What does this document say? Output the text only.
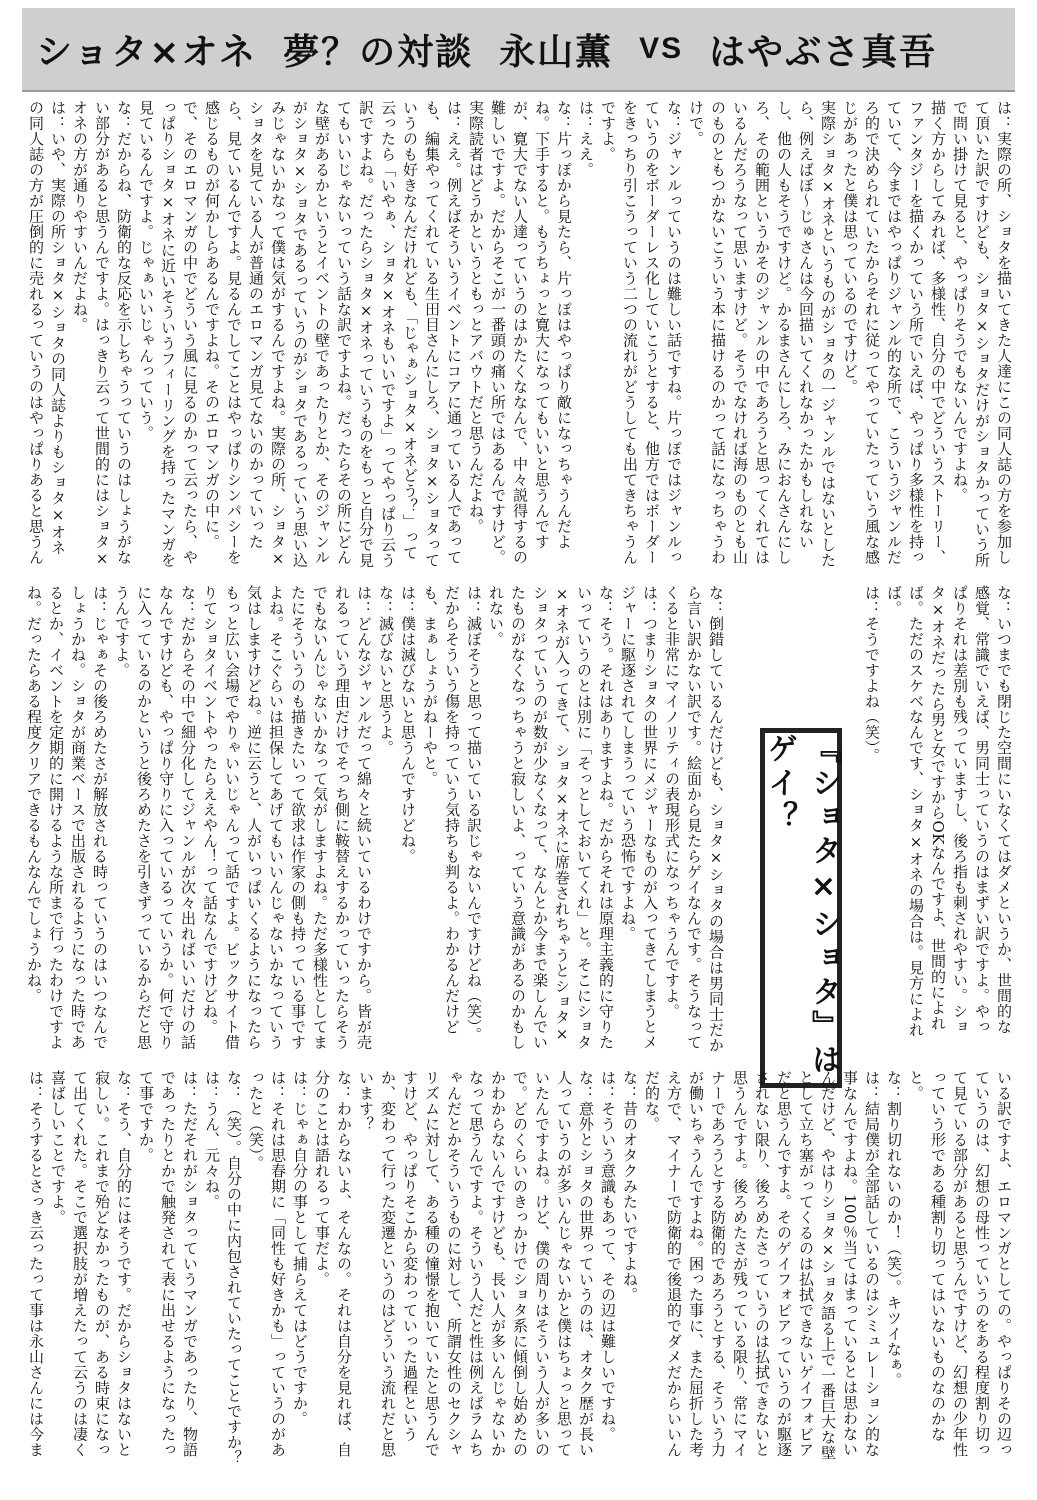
ショタ×オネ 夢？の対談 永山薫 VS はやぶさ真吾

は：実際の所、ショタを描いてきた人達にこの同人誌の方を参加して頂いた訳ですけども、ショタ×ショタだけがショタかっていう所で問い掛けて見ると、やっぱりそうでもないんですよね。

描く方からしてみれば、多様性、自分の中でどういうストーリー、ファンタジーを描くかっていう所でいえば、やっぱり多様性を持っていて、今まではやっぱりジャンル的な所で、こういうジャンルだろ的で決められていたからそれに従ってやっていたっていう風な感じがあったと僕は思っているのですけど。

実際ショタ×オネというものがショタの一ジャンルではないとしたら、例えばぼ〜じゅさんは今回描いてくれなかったかもしれないし、他の人もそうですけど。かるまさんにしろ、みにおんさんにしろ、その範囲というかそのジャンルの中であろうと思ってくれてはいるんだろうなって思いますけど。そうでなければ海のものとも山のものともつかないこういう本に描けるのかって話になっちゃうわけで。

な：ジャンルっていうのは難しい話ですね。片っぽではジャンルっていうのをボーダーレス化していこうとすると、他方ではボーダーをきっちり引こうっていう二つの流れがどうしても出てきちゃうんですよ。

は：ええ。

な：片っぽから見たら、片っぽはやっぱり敵になっちゃうんだよね。下手すると。もうちょっと寛大になってもいいと思うんですが、寛大でない人達っていうのはかたくななんで、中々説得するの難しいですよ。だからそこが一番頭の痛い所ではあるんですけど。実際読者はどうかというともっとアバウトだと思うんだよね。

は：ええ。例えばそういうイベントにコアに通っている人であっても、編集やってくれている生田目さんにしろ、ショタ×ショタっていうのも好きなんだけれども、「じゃぁショタ×オネどう？」って云ったら「いやぁ、ショタ×オネもいいですよ」ってやっぱり云う訳ですよね。だったらショタ×オネっていうものをもっと自分で見てもいいじゃないっていう話な訳ですよね。だったらその所にどんな壁があるかというとイベントの壁であったりとか、そのジャンルがショタ×ショタであるっていうのがショタであるっていう思い込みじゃないかなって僕は気がするんですよね。実際の所、ショタ×ショタを見ている人が普通のエロマンガ見てないのかっていったら、見ているんですよ。見るんでしてことはやっぱりシンパシーを感じるものが何かしらあるんですよね。そのエロマンガの中に。で、そのエロマンガの中でどういう風に見るのかって云ったら、やっぱりショタ×オネに近いそういうフィーリングを持ったマンガを見ているんですよ。じゃぁいいじゃんっていう。

な：だからね、防衛的な反応を示しちゃうっていうのはしょうがない部分があると思うんですよ。はっきり云って世間的にはショタ×オネの方が通りやすいんだよね。

は：いや、実際の所ショタ×ショタの同人誌よりもショタ×オネの同人誌の方が圧倒的に売れるっていうのはやっぱりあると思うん

な：いつまでも閉じた空間にいなくてはダメというか、世間的な感覚、常識でいえば、男同士っていうのはまずい訳ですよ。やっぱりそれは差別も残っていますし、後ろ指も刺されやすい。ショタ×オネだったら男と女ですからOKなんですよ、世間的によれば。ただのスケベなんです、ショタ×オネの場合は。見方によれば。

は：そうですよね（笑）。

『ショタ×ショタ』はゲイ？

な：倒錯しているんだけども、ショタ×ショタの場合は男同士だから言い訳かない訳です。絵面から見たらゲイなんです。そうなってくると非常にマイノリティの表現形式になっちゃうんですよ。

は：つまりショタの世界にメジャーなものが入ってきてしまうとメジャーに駆逐されてしまうっていう恐怖ですよね。

な：そう。それはありますよね。だからそれは原理主義的に守りたいっていうのとは別に「そっとしておいてくれ」と。そこにショタ×オネが入ってきて、ショタ×オネに席巻されちゃうとショタ×ショタっていうのが数が少なくなって、なんとか今まで楽しんでいたものがなくなっちゃうと寂しいよ、っていう意識があるのかもしれない。

は：滅ぼそうと思って描いている訳じゃないんですけどね（笑）。だからそういう傷を持っていう気持ちも判るよ。わかるんだけども、まぁしょうがねーやと。

は：僕は滅びないと思うんですけどね。

な：滅びないと思うよ。

は：どんなジャンルだって綿々と続いているわけですから。皆が売れるっていう理由だけでそっち側に鞍替えするかっていったらそうでもないんじゃないかなって気がしますよね。ただ多様性としてまたにそういうのも描きたいって欲求は作家の側も持っている事ですよね。そこぐらいは担保してあげてもいいんじゃないかなっていう気はしますけどね。逆に云うと、人がいっぱいくるようになったらもっと広い会場でやりゃいいじゃんって話ですよ。ビックサイト借りてショタイベントやったらええやん！って話なんですけどね。

な：だからその中で細分化してジャンルが次々出ればいいだけの話なんですけども、やっぱり守りに入っているっていうか。何で守りに入っているのかというと後ろめたさを引きずっているからだと思うんですよ。

は：じゃぁその後ろめたさが解放される時っていうのはいつなんでしょうかね。ショタが商業ベースで出版されるようになった時であるとか、イベントを定期的に開けるような所まで行ったわけですよね。だったらある程度クリアできるもんなんでしょうかね。

いる訳ですよ、エロマンガとしての。やっぱりその辺っていうのは、幻想の母性っていうのをある程度割り切って見ている部分があると思うんですけど、幻想の少年性っていう形である種割り切ってはいないものなのかなと。

な：割り切れないのか！（笑）。キツイなぁ。

は：結局僕が全部話しているのはシミュレーション的な事なんですよね。100％当てはまっているとは思わないんだけど、やはりショタ×ショタ語る上で一番巨大な壁として立ち塞がってくるのは払拭できないゲイフォビアだと思うんですよ。そのゲイフォビアっていうのが駆逐されない限り、後ろめたさっていうのは払拭できないと思うんですよ。後ろめたさが残っている限り、常にマイナーであろうとする防衛的であろうとする、そういう力が働いちゃうんですよね。困った事に、また屈折した考え方で、マイナーで防衛的で後退的でダメだからいいんだ的な。

な：昔のオタクみたいですよね。

は：そういう意識もあって、その辺は難しいですね。

な：意外とショタの世界っていうのは、オタク歴が長い人っていうのが多いんじゃないかと僕はちょっと思っていたんですよね。けど、僕の周りはそういう人が多いので。どのくらいのきっかけでショタ系に傾倒し始めたのかわからないんですけども、長い人が多いんじゃないかなって思うんですよ。そういう人だと性は例えばラムちゃんだとかそういうものに対して、所謂女性のセクシャリズムに対して、ある種の憧憬を抱いていたと思うんですけど、やっぱりそこから変わっていった過程というか、変わって行った変遷というのはどういう流れだと思います？

な：わからないよ、そんなの。それは自分を見れば、自分のことは語れるって事だよ。

は：じゃぁ自分の事として捕らえてはどうですか。

は：それは思春期に「同性も好きかも」っていうのがあったと（笑）。

な：（笑）。自分の中に内包されていたってことですか？

は：うん、元々ね。

は：ただそれがショタっていうマンガであったり、物語であったりとかで触発されて表に出せるようになったって事ですか。

な：そう、自分的にはそうです。だからショタはないと寂しい。これまで殆どなかったものが、ある時束になって出てくれた。そこで選択肢が増えたって云うのは凄く喜ばしいことですよ。

は：そうするとさっき云ったって事は永山さんには今ま
